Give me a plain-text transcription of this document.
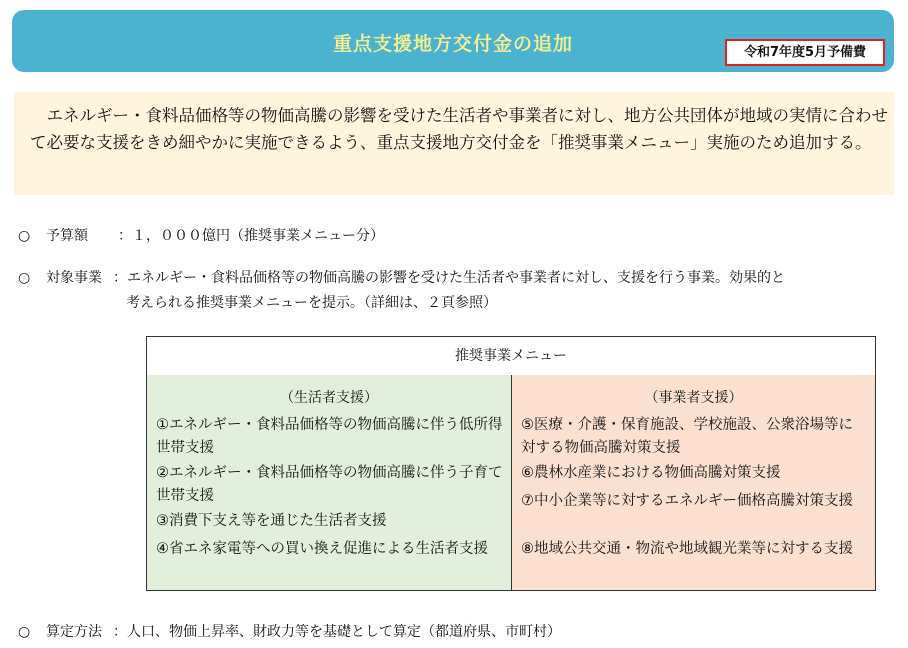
重点支援地方交付金の追加	令和7年度5月予備費
　エネルギー・食料品価格等の物価高騰の影響を受けた生活者や事業者に対し、地方公共団体が地域の実情に合わせて必要な支援をきめ細やかに実施できるよう、重点支援地方交付金を「推奨事業メニュー」実施のため追加する。
○ 予算額 ：１，０００億円（推奨事業メニュー分）
○ 対象事業 ：エネルギー・食料品価格等の物価高騰の影響を受けた生活者や事業者に対し、支援を行う事業。効果的と
考えられる推奨事業メニューを提示。（詳細は、２頁参照）
推奨事業メニュー
（生活者支援）
①エネルギー・食料品価格等の物価高騰に伴う低所得世帯支援
②エネルギー・食料品価格等の物価高騰に伴う子育て世帯支援
③消費下支え等を通じた生活者支援
④省エネ家電等への買い換え促進による生活者支援
（事業者支援）
⑤医療・介護・保育施設、学校施設、公衆浴場等に対する物価高騰対策支援
⑥農林水産業における物価高騰対策支援
⑦中小企業等に対するエネルギー価格高騰対策支援
⑧地域公共交通・物流や地域観光業等に対する支援
○ 算定方法 ：人口、物価上昇率、財政力等を基礎として算定（都道府県、市町村）
